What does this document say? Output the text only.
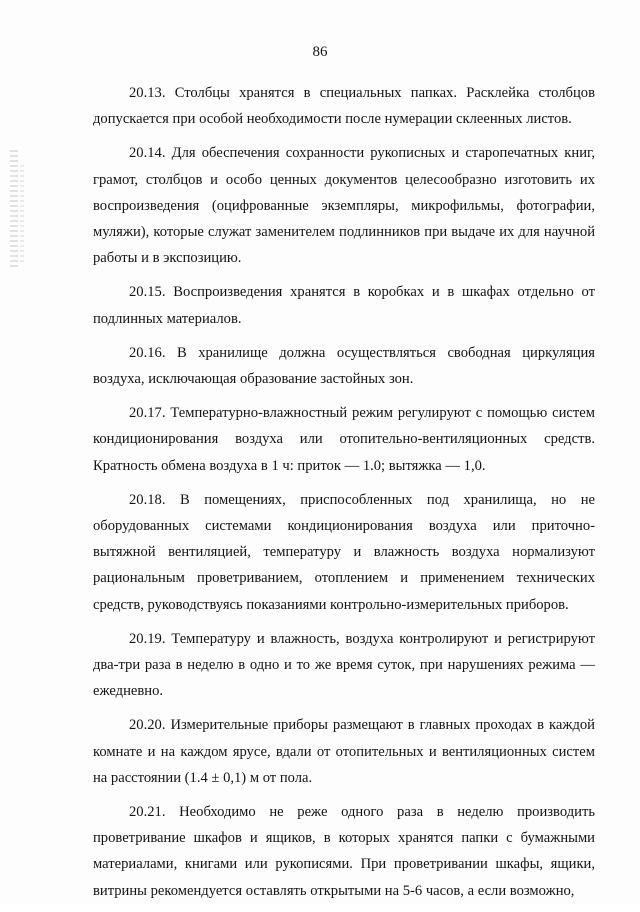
86

20.13. Столбцы хранятся в специальных папках. Расклейка столбцов допускается при особой необходимости после нумерации склеенных листов.

20.14. Для обеспечения сохранности рукописных и старопечатных книг, грамот, столбцов и особо ценных документов целесообразно изготовить их воспроизведения (оцифрованные экземпляры, микрофильмы, фотографии, муляжи), которые служат заменителем подлинников при выдаче их для научной работы и в экспозицию.

20.15. Воспроизведения хранятся в коробках и в шкафах отдельно от подлинных материалов.

20.16. В хранилище должна осуществляться свободная циркуляция воздуха, исключающая образование застойных зон.

20.17. Температурно-влажностный режим регулируют с помощью систем кондиционирования воздуха или отопительно-вентиляционных средств. Кратность обмена воздуха в 1 ч: приток — 1.0; вытяжка — 1,0.

20.18. В помещениях, приспособленных под хранилища, но не оборудованных системами кондиционирования воздуха или приточно-вытяжной вентиляцией, температуру и влажность воздуха нормализуют рациональным проветриванием, отоплением и применением технических средств, руководствуясь показаниями контрольно-измерительных приборов.

20.19. Температуру и влажность, воздуха контролируют и регистрируют два-три раза в неделю в одно и то же время суток, при нарушениях режима — ежедневно.

20.20. Измерительные приборы размещают в главных проходах в каждой комнате и на каждом ярусе, вдали от отопительных и вентиляционных систем на расстоянии (1.4 ± 0,1) м от пола.

20.21. Необходимо не реже одного раза в неделю производить проветривание шкафов и ящиков, в которых хранятся папки с бумажными материалами, книгами или рукописями. При проветривании шкафы, ящики, витрины рекомендуется оставлять открытыми на 5-6 часов, а если возможно,
